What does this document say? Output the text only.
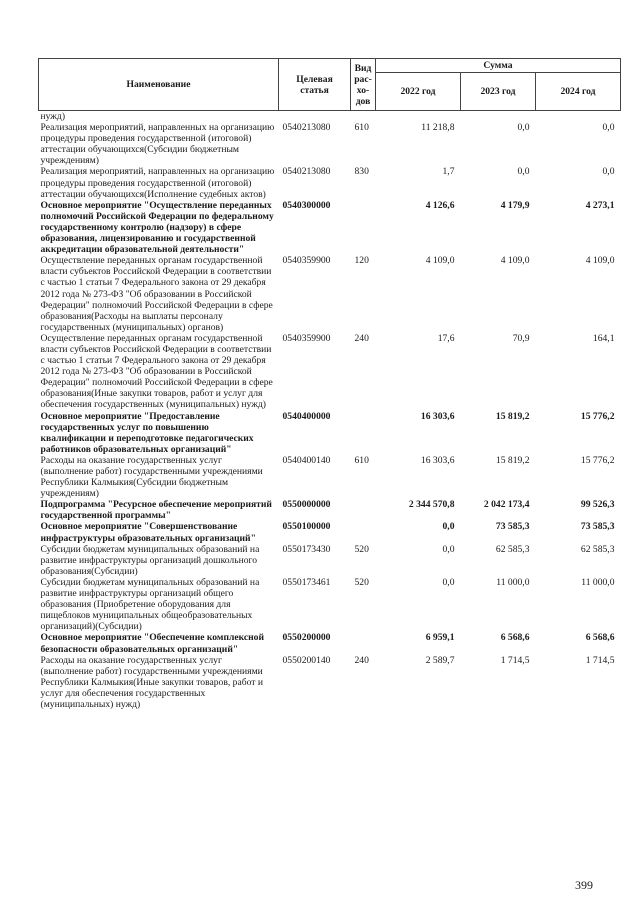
Наименование	Целевая статья	Вид рас-хо-дов	Сумма		
			2022 год	2023 год	2024 год
нужд)					
Реализация мероприятий, направленных на организацию процедуры проведения государственной (итоговой) аттестации обучающихся(Субсидии бюджетным учреждениям)	0540213080	610	11 218,8	0,0	0,0
Реализация мероприятий, направленных на организацию процедуры проведения государственной (итоговой) аттестации обучающихся(Исполнение судебных актов)	0540213080	830	1,7	0,0	0,0
Основное мероприятие "Осуществление переданных полномочий Российской Федерации по федеральному государственному контролю (надзору) в сфере образования, лицензированию и государственной аккредитации образовательной деятельности"	0540300000		4 126,6	4 179,9	4 273,1
Осуществление переданных органам государственной власти субъектов Российской Федерации в соответствии с частью 1 статьи 7 Федерального закона от 29 декабря 2012 года № 273-ФЗ "Об образовании в Российской Федерации" полномочий Российской Федерации в сфере образования(Расходы на выплаты персоналу государственных (муниципальных) органов)	0540359900	120	4 109,0	4 109,0	4 109,0
Осуществление переданных органам государственной власти субъектов Российской Федерации в соответствии с частью 1 статьи 7 Федерального закона от 29 декабря 2012 года № 273-ФЗ "Об образовании в Российской Федерации" полномочий Российской Федерации в сфере образования(Иные закупки товаров, работ и услуг для обеспечения государственных (муниципальных) нужд)	0540359900	240	17,6	70,9	164,1
Основное мероприятие "Предоставление государственных услуг по повышению квалификации и переподготовке педагогических работников образовательных организаций"	0540400000		16 303,6	15 819,2	15 776,2
Расходы на оказание государственных услуг (выполнение работ) государственными учреждениями Республики Калмыкия(Субсидии бюджетным учреждениям)	0540400140	610	16 303,6	15 819,2	15 776,2
Подпрограмма "Ресурсное обеспечение мероприятий государственной программы"	0550000000		2 344 570,8	2 042 173,4	99 526,3
Основное мероприятие "Совершенствование инфраструктуры образовательных организаций"	0550100000		0,0	73 585,3	73 585,3
Субсидии бюджетам муниципальных образований на развитие инфраструктуры организаций дошкольного образования(Субсидии)	0550173430	520	0,0	62 585,3	62 585,3
Субсидии бюджетам муниципальных образований на развитие инфраструктуры организаций общего образования (Приобретение оборудования для пищеблоков муниципальных общеобразовательных организаций)(Субсидии)	0550173461	520	0,0	11 000,0	11 000,0
Основное мероприятие "Обеспечение комплексной безопасности образовательных организаций"	0550200000		6 959,1	6 568,6	6 568,6
Расходы на оказание государственных услуг (выполнение работ) государственными учреждениями Республики Калмыкия(Иные закупки товаров, работ и услуг для обеспечения государственных (муниципальных) нужд)	0550200140	240	2 589,7	1 714,5	1 714,5
399
